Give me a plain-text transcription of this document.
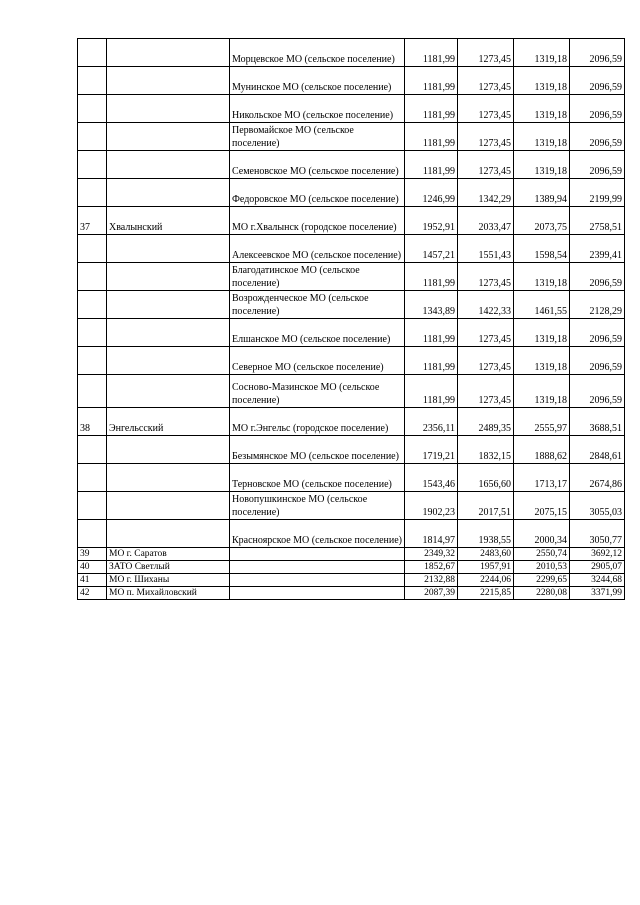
		Морцевское МО (сельское поселение)	1181,99	1273,45	1319,18	2096,59
		Мунинское МО (сельское поселение)	1181,99	1273,45	1319,18	2096,59
		Никольское МО (сельское поселение)	1181,99	1273,45	1319,18	2096,59
		Первомайское МО (сельское поселение)	1181,99	1273,45	1319,18	2096,59
		Семеновское МО (сельское поселение)	1181,99	1273,45	1319,18	2096,59
		Федоровское МО (сельское поселение)	1246,99	1342,29	1389,94	2199,99
37	Хвалынский	МО г.Хвалынск (городское поселение)	1952,91	2033,47	2073,75	2758,51
		Алексеевское МО (сельское поселение)	1457,21	1551,43	1598,54	2399,41
		Благодатинское МО (сельское поселение)	1181,99	1273,45	1319,18	2096,59
		Возрожденческое МО (сельское поселение)	1343,89	1422,33	1461,55	2128,29
		Елшанское МО (сельское поселение)	1181,99	1273,45	1319,18	2096,59
		Северное МО (сельское поселение)	1181,99	1273,45	1319,18	2096,59
		Сосново-Мазинское МО (сельское поселение)	1181,99	1273,45	1319,18	2096,59
38	Энгельсский	МО г.Энгельс (городское поселение)	2356,11	2489,35	2555,97	3688,51
		Безымянское МО (сельское поселение)	1719,21	1832,15	1888,62	2848,61
		Терновское МО (сельское поселение)	1543,46	1656,60	1713,17	2674,86
		Новопушкинское МО (сельское поселение)	1902,23	2017,51	2075,15	3055,03
		Красноярское МО (сельское поселение)	1814,97	1938,55	2000,34	3050,77
39	МО г. Саратов		2349,32	2483,60	2550,74	3692,12
40	ЗАТО Светлый		1852,67	1957,91	2010,53	2905,07
41	МО г. Шиханы		2132,88	2244,06	2299,65	3244,68
42	МО п. Михайловский		2087,39	2215,85	2280,08	3371,99
